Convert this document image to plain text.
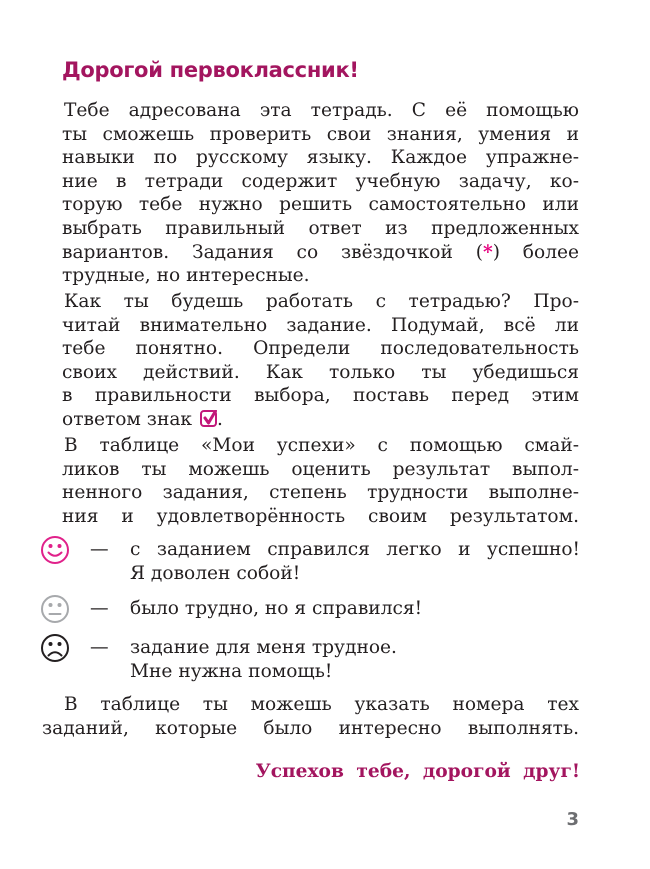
Дорогой первоклассник!
Тебе адресована эта тетрадь. С её помощью
ты сможешь проверить свои знания, умения и
навыки по русскому языку. Каждое упражне-
ние в тетради содержит учебную задачу, ко-
торую тебе нужно решить самостоятельно или
выбрать правильный ответ из предложенных
вариантов. Задания со звёздочкой (*) более
трудные, но интересные.
Как ты будешь работать с тетрадью? Про-
читай внимательно задание. Подумай, всё ли
тебе понятно. Определи последовательность
своих действий. Как только ты убедишься
в правильности выбора, поставь перед этим
ответом знак
.
В таблице «Мои успехи» с помощью смай-
ликов ты можешь оценить результат выпол-
ненного задания, степень трудности выполне-
ния и удовлетворённость своим результатом.
— с заданием справился легко и успешно!
Я доволен собой!
— было трудно, но я справился!
— задание для меня трудное.
Мне нужна помощь!
В таблице ты можешь указать номера тех
заданий, которые было интересно выполнять.
Успехов тебе, дорогой друг!
3
